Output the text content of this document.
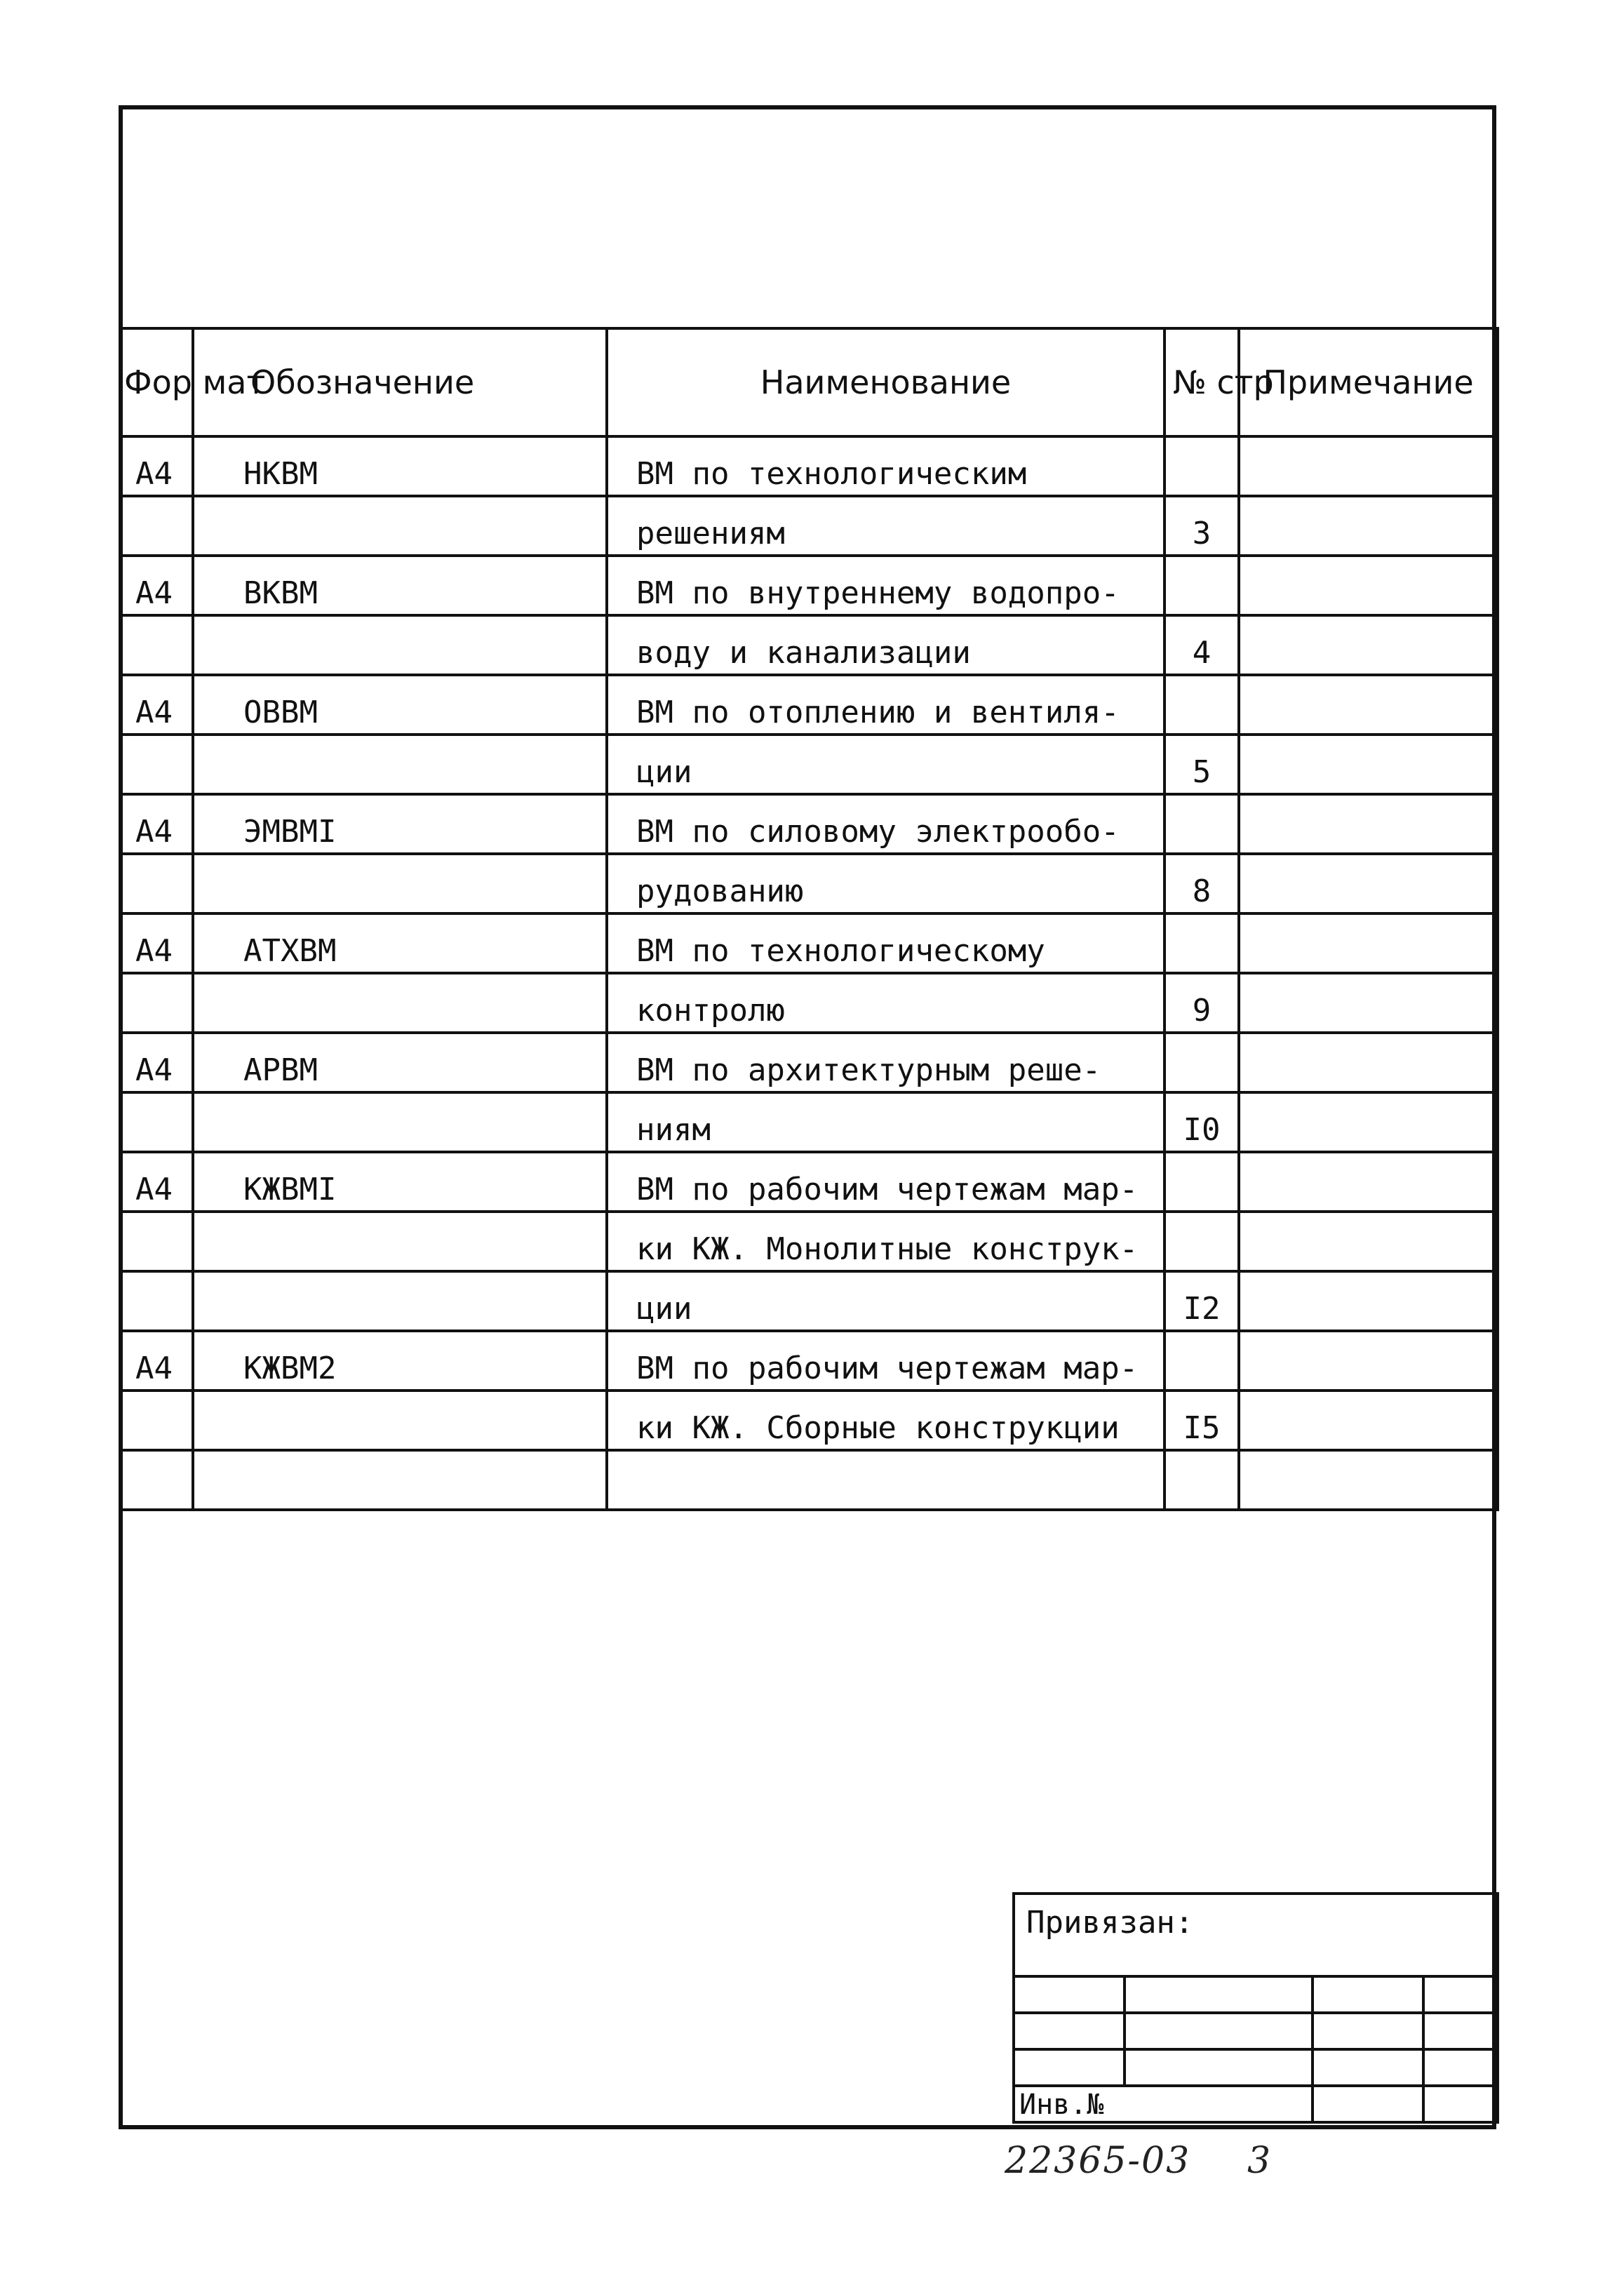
Фор мат	Обозначение	Наименование	№ стр	Примечание
А4	НКВМ	ВМ по технологическим		
		решениям	3	
А4	ВКВМ	ВМ по внутреннему водопро-		
		воду и канализации	4	
А4	ОВВМ	ВМ по отоплению и вентиля-		
		ции	5	
А4	ЭМВМI	ВМ по силовому электрообо-		
		рудованию	8	
А4	АТХВМ	ВМ по технологическому		
		контролю	9	
А4	АРВМ	ВМ по архитектурным реше-		
		ниям	I0	
А4	КЖВМI	ВМ по рабочим чертежам мар-		
		ки КЖ. Монолитные конструк-		
		ции	I2	
А4	КЖВМ2	ВМ по рабочим чертежам мар-		
		ки КЖ. Сборные конструкции	I5	

Привязан:			

Инв.№			
22365-03 3
